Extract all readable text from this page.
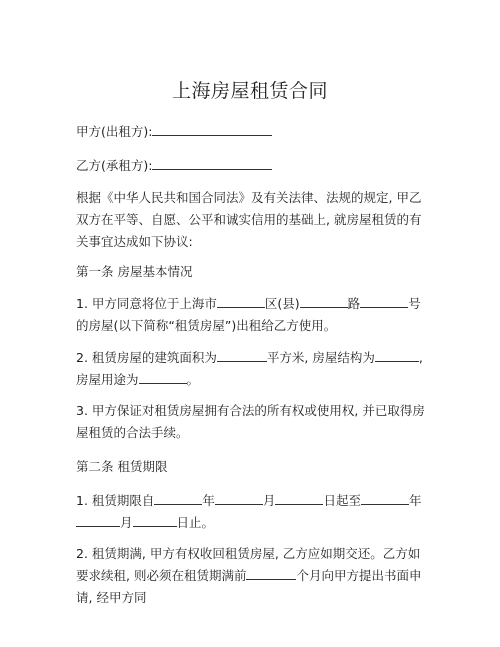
上海房屋租赁合同
甲方(出租方):
乙方(承租方):
根据《中华人民共和国合同法》及有关法律、法规的规定, 甲乙双方在平等、自愿、公平和诚实信用的基础上, 就房屋租赁的有关事宜达成如下协议:
第一条 房屋基本情况
1. 甲方同意将位于上海市	区(县)	路	号的房屋(以下简称“租赁房屋”)出租给乙方使用。
2. 租赁房屋的建筑面积为	平方米, 房屋结构为	, 房屋用途为	。
3. 甲方保证对租赁房屋拥有合法的所有权或使用权, 并已取得房屋租赁的合法手续。
第二条 租赁期限
1. 租赁期限自	年	月	日起至	年
月	日止。
2. 租赁期满, 甲方有权收回租赁房屋, 乙方应如期交还。乙方如要求续租, 则必须在租赁期满前	个月向甲方提出书面申请, 经甲方同
